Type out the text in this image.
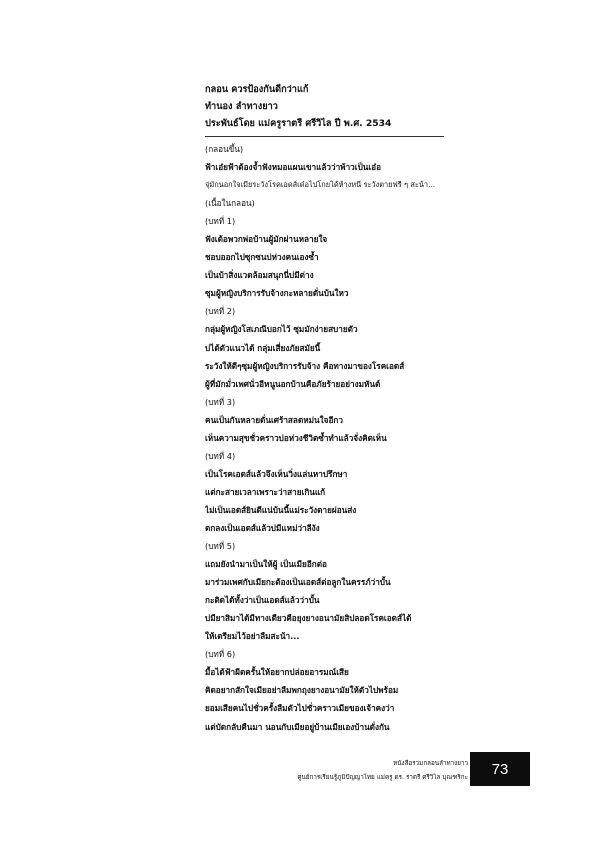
กลอน ควรป้องกันดีกว่าแก้
ทำนอง ลำทางยาว
ประพันธ์โดย แม่ครูราตรี ศรีวิไล ปี พ.ศ. 2534
(กลอนขึ้น)
ฟ้าเอ๋ยฟ้าต้องจ้ำฟังหมอแผนเขาแล้วว่าพ้าวเป็นเอ๋อ
จุ่มักนอกใจเมียระวังโรคเอดส์เด๋อไปโกยได้ห้างหนี ระวังตายฟรี ๆ สะน้า...
(เนื้อในกลอน)
(บทที่ 1)
ฟังเด้อพวกพ่อบ้านผู้มักผ่านหลายใจ
ชอบออกไปซุกซนบ่ห่วงคนเองซ้ำ
เป็นบ้าสิ่งแวดล้อมสนุกนี่บ่มีต่าง
ซุมผู้หญิงบริการรับจ้างกะหลายดั่นบ้นใหว
(บทที่ 2)
กลุ่มผู้หญิงโสเภณีบอกไว้ ซุมมักง่ายสบายตัว
บ่ได้ตัวแนวได้ กลุ่มเสี่ยงภัยสมัยนี้
ระวังให้ดีๆซุมผู้หญิงบริการรับจ้าง คือทางมาของโรคเอดส์
ผู้ที่มักมั่วเพศนั่วอีหนูนอกบ้านคือภัยร้ายอย่างมหันต์
(บทที่ 3)
คนเป็นกันหลายดั่นเศร้าสลดหม่นใจอีกว
เห็นความสุขชั่วคราวบ่อห่วงชีวิตซ้ำทำแล้วจั่งคิดเห็น
(บทที่ 4)
เป็นโรคเอดส์แล้วจึงเห็นวิ่งแล่นหาปรึกษา
แต่กะสายเวลาเพราะว่าสายเกินแก้
ไม่เป็นเอดส์ยินดีแน่บ้นนี้แม่ระวังตายผ่อนส่ง
ตกลงเป็นเอดส์แล้วบ่มีแหม่ว่าลีงัง
(บทที่ 5)
แถมยังนำมาเป็นให้ผู้ เป็นเมียอีกต่อ
มาร่วมเพศกับเมียกะต้องเป็นเอดส์ต่อลูกในครรภ์ว่าบั้น
กะติดได้ทั้งว่าเป็นเอดส์แล้วว่าบั้น
บ่มียาสิมาได้มีทางเดียวคือยุงยางอนามัยสิปลอดโรคเอดส์ได้
ให้เตรียมไว้อย่าลืมสะน้า...
(บทที่ 6)
มื้อได้ฟ้าผีตครั้นให้อยากปล่อยอารมณ์เสีย
คิดอยากสักใจเมียอย่าลืมพกถุงยางอนามัยให้ตัวไปพร้อม
ยอมเสียคนไปชั่วครั้งลืมตัวไปชั่วคราวเมียของเจ้าคงว่า
แต่บัดกลับคืนมา นอนกับเมียอยู่บ้านเมียเองบ้านดั่งกัน
หนังสือรวมกลอนลำทางยาว
ศูนย์การเรียนรู้ภูมิปัญญาไทย แม่ครู ดร. ราตรี ศรีวิไล บุณฑริกะ 73
